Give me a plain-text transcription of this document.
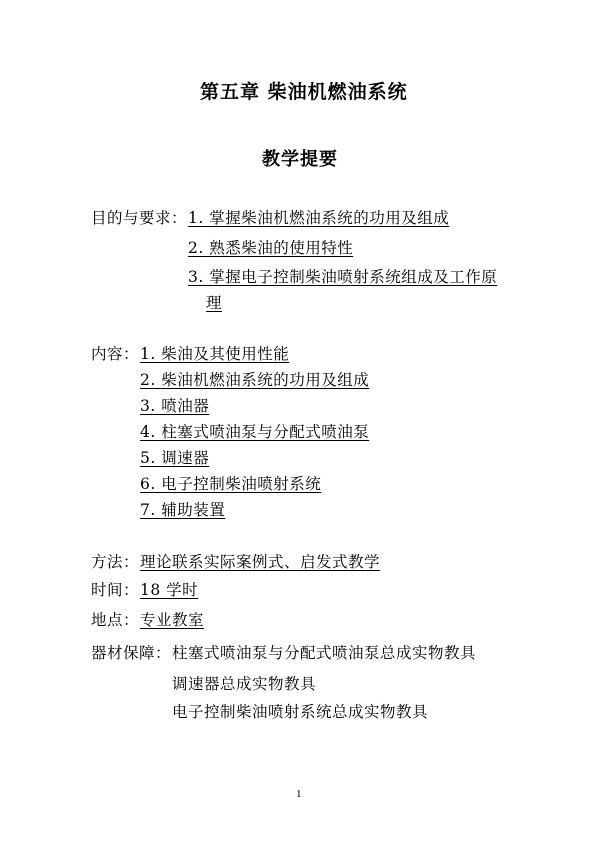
第五章 柴油机燃油系统
教学提要
目的与要求： 1. 掌握柴油机燃油系统的功用及组成
2. 熟悉柴油的使用特性
3. 掌握电子控制柴油喷射系统组成及工作原
理
内容： 1. 柴油及其使用性能
2. 柴油机燃油系统的功用及组成
3. 喷油器
4. 柱塞式喷油泵与分配式喷油泵
5. 调速器
6. 电子控制柴油喷射系统
7. 辅助装置
方法： 理论联系实际案例式、启发式教学
时间： 18 学时
地点： 专业教室
器材保障： 柱塞式喷油泵与分配式喷油泵总成实物教具
调速器总成实物教具
电子控制柴油喷射系统总成实物教具
1
